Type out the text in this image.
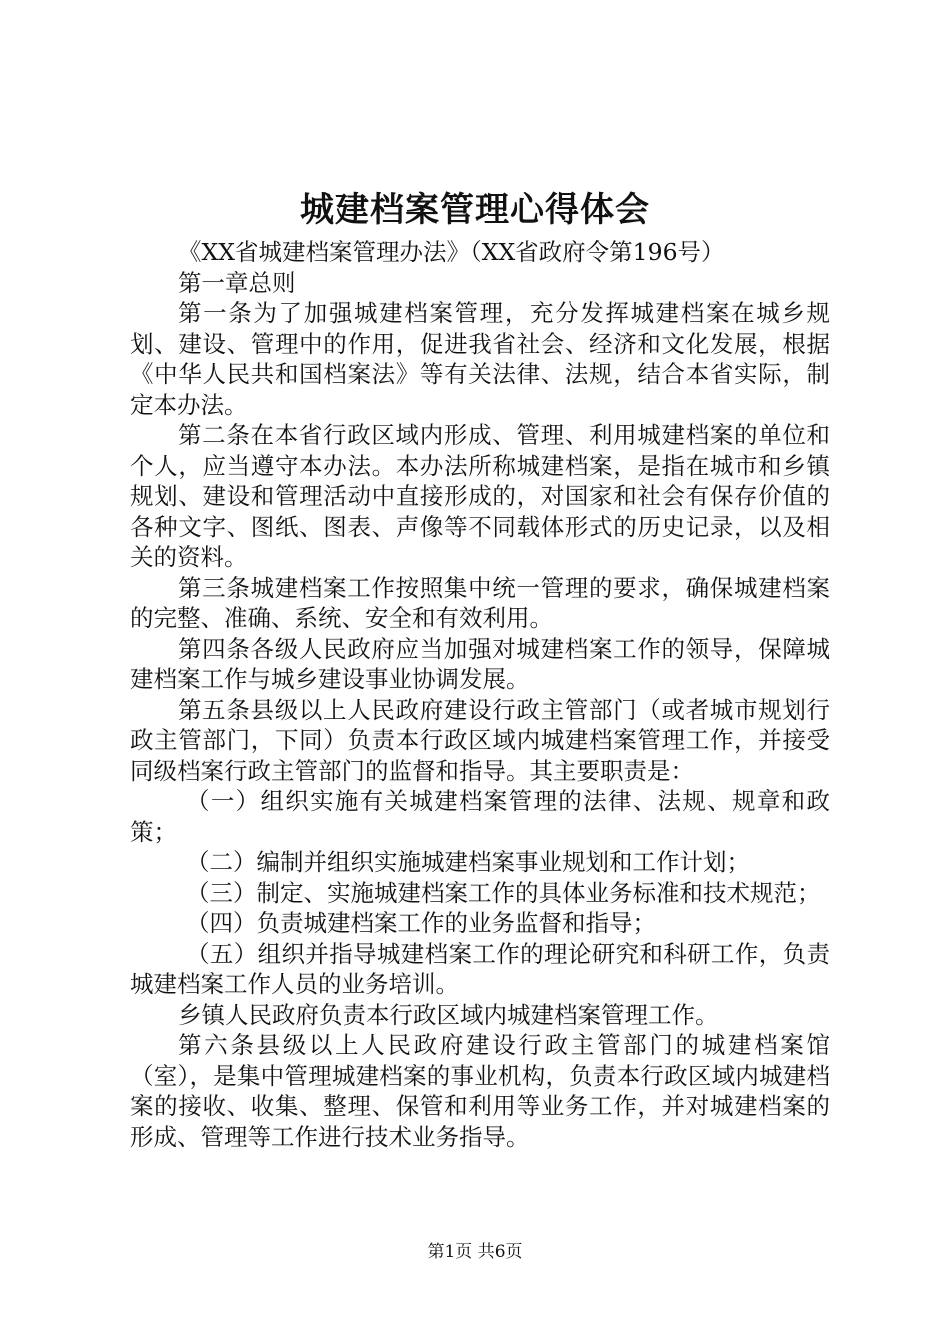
城建档案管理心得体会

《XX省城建档案管理办法》（XX省政府令第196号）

第一章总则

第一条为了加强城建档案管理，充分发挥城建档案在城乡规划、建设、管理中的作用，促进我省社会、经济和文化发展，根据《中华人民共和国档案法》等有关法律、法规，结合本省实际，制定本办法。

第二条在本省行政区域内形成、管理、利用城建档案的单位和个人，应当遵守本办法。本办法所称城建档案，是指在城市和乡镇规划、建设和管理活动中直接形成的，对国家和社会有保存价值的各种文字、图纸、图表、声像等不同载体形式的历史记录，以及相关的资料。

第三条城建档案工作按照集中统一管理的要求，确保城建档案的完整、准确、系统、安全和有效利用。

第四条各级人民政府应当加强对城建档案工作的领导，保障城建档案工作与城乡建设事业协调发展。

第五条县级以上人民政府建设行政主管部门（或者城市规划行政主管部门，下同）负责本行政区域内城建档案管理工作，并接受同级档案行政主管部门的监督和指导。其主要职责是：

（一）组织实施有关城建档案管理的法律、法规、规章和政策；

（二）编制并组织实施城建档案事业规划和工作计划；

（三）制定、实施城建档案工作的具体业务标准和技术规范；

（四）负责城建档案工作的业务监督和指导；

（五）组织并指导城建档案工作的理论研究和科研工作，负责城建档案工作人员的业务培训。

乡镇人民政府负责本行政区域内城建档案管理工作。

第六条县级以上人民政府建设行政主管部门的城建档案馆（室），是集中管理城建档案的事业机构，负责本行政区域内城建档案的接收、收集、整理、保管和利用等业务工作，并对城建档案的形成、管理等工作进行技术业务指导。

第1页 共6页
